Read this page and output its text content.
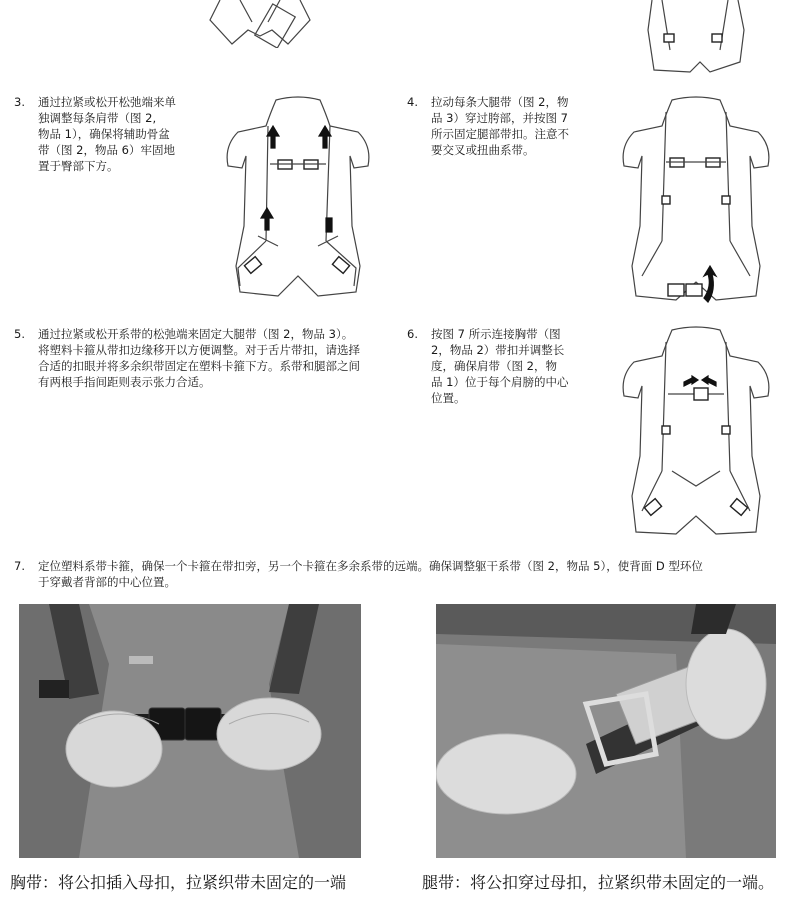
3. 通过拉紧或松开松弛端来单
独调整每条肩带（图 2,
物品 1），确保将辅助骨盆
带（图 2，物品 6）牢固地
置于臀部下方。
4. 拉动每条大腿带（图 2，物
品 3）穿过胯部，并按图 7
所示固定腿部带扣。注意不
要交叉或扭曲系带。
5. 通过拉紧或松开系带的松弛端来固定大腿带（图 2，物品 3）。
将塑料卡箍从带扣边缘移开以方便调整。对于舌片带扣，请选择
合适的扣眼并将多余织带固定在塑料卡箍下方。系带和腿部之间
有两根手指间距则表示张力合适。
6. 按图 7 所示连接胸带（图
2，物品 2）带扣并调整长
度，确保肩带（图 2，物
品 1）位于每个肩膀的中心
位置。
7. 定位塑料系带卡箍，确保一个卡箍在带扣旁，另一个卡箍在多余系带的远端。确保调整躯干系带（图 2，物品 5），使背面 D 型环位
于穿戴者背部的中心位置。
胸带：将公扣插入母扣，拉紧织带未固定的一端	腿带：将公扣穿过母扣，拉紧织带未固定的一端。
